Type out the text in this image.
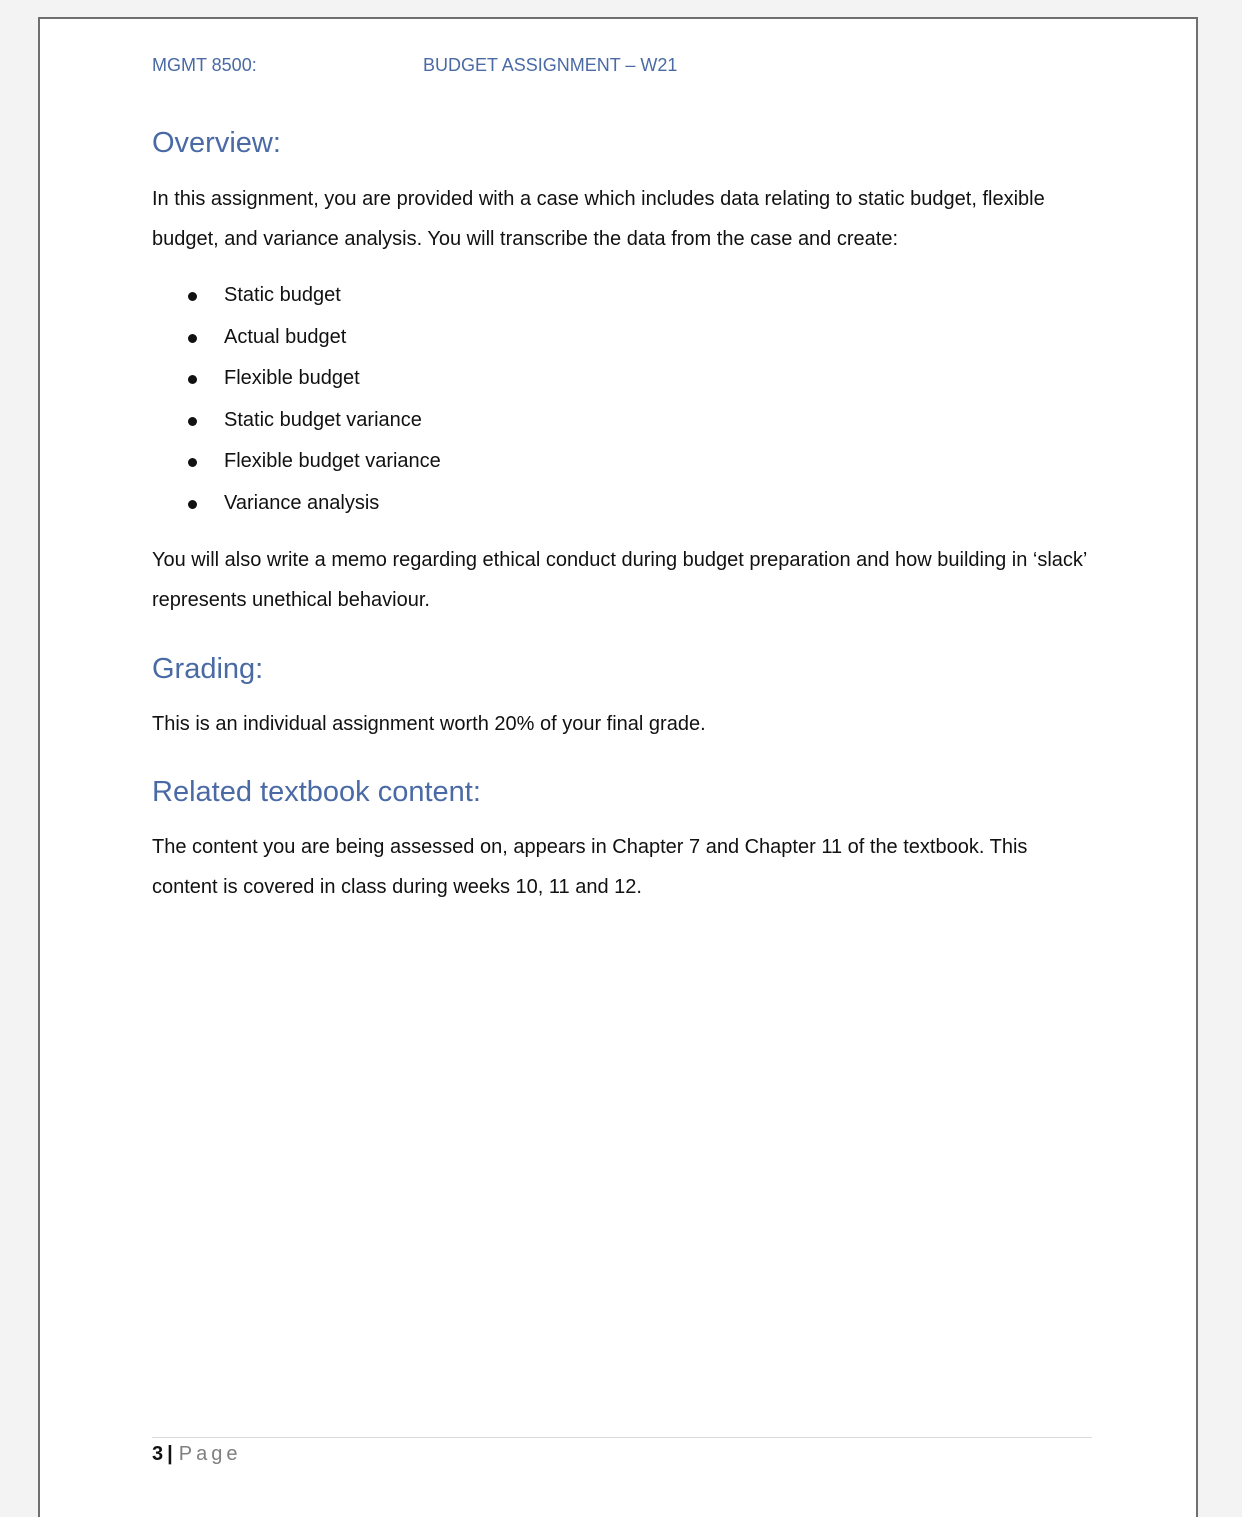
MGMT 8500:	BUDGET ASSIGNMENT – W21
Overview:
In this assignment, you are provided with a case which includes data relating to static budget, flexible budget, and variance analysis. You will transcribe the data from the case and create:
Static budget
Actual budget
Flexible budget
Static budget variance
Flexible budget variance
Variance analysis
You will also write a memo regarding ethical conduct during budget preparation and how building in ‘slack’ represents unethical behaviour.
Grading:
This is an individual assignment worth 20% of your final grade.
Related textbook content:
The content you are being assessed on, appears in Chapter 7 and Chapter 11 of the textbook. This content is covered in class during weeks 10, 11 and 12.
3 | Page
